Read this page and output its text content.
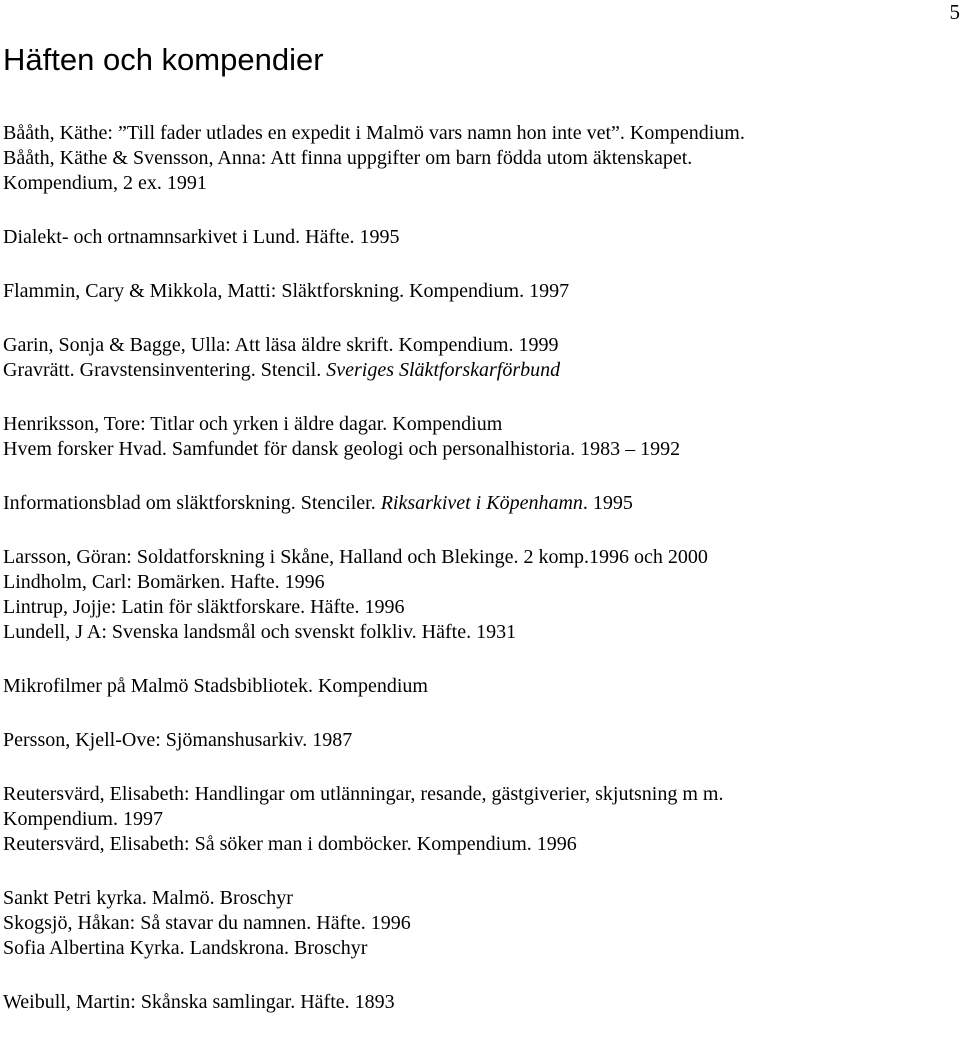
5
Häften och kompendier
Bååth, Käthe: ”Till fader utlades en expedit i Malmö vars namn hon inte vet”. Kompendium.
Bååth, Käthe & Svensson, Anna: Att finna uppgifter om barn födda utom äktenskapet.
Kompendium, 2 ex. 1991
Dialekt- och ortnamnsarkivet i Lund. Häfte. 1995
Flammin, Cary & Mikkola, Matti: Släktforskning. Kompendium. 1997
Garin, Sonja & Bagge, Ulla: Att läsa äldre skrift. Kompendium. 1999
Gravrätt. Gravstensinventering. Stencil. Sveriges Släktforskarförbund
Henriksson, Tore: Titlar och yrken i äldre dagar. Kompendium
Hvem forsker Hvad. Samfundet för dansk geologi och personalhistoria. 1983 – 1992
Informationsblad om släktforskning. Stenciler. Riksarkivet i Köpenhamn. 1995
Larsson, Göran: Soldatforskning i Skåne, Halland och Blekinge. 2 komp.1996 och 2000
Lindholm, Carl: Bomärken. Hafte. 1996
Lintrup, Jojje: Latin för släktforskare. Häfte. 1996
Lundell, J A: Svenska landsmål och svenskt folkliv. Häfte. 1931
Mikrofilmer på Malmö Stadsbibliotek. Kompendium
Persson, Kjell-Ove: Sjömanshusarkiv. 1987
Reutersvärd, Elisabeth: Handlingar om utlänningar, resande, gästgiverier, skjutsning m m.
Kompendium. 1997
Reutersvärd, Elisabeth: Så söker man i domböcker. Kompendium. 1996
Sankt Petri kyrka. Malmö. Broschyr
Skogsjö, Håkan: Så stavar du namnen. Häfte. 1996
Sofia Albertina Kyrka. Landskrona. Broschyr
Weibull, Martin: Skånska samlingar. Häfte. 1893
